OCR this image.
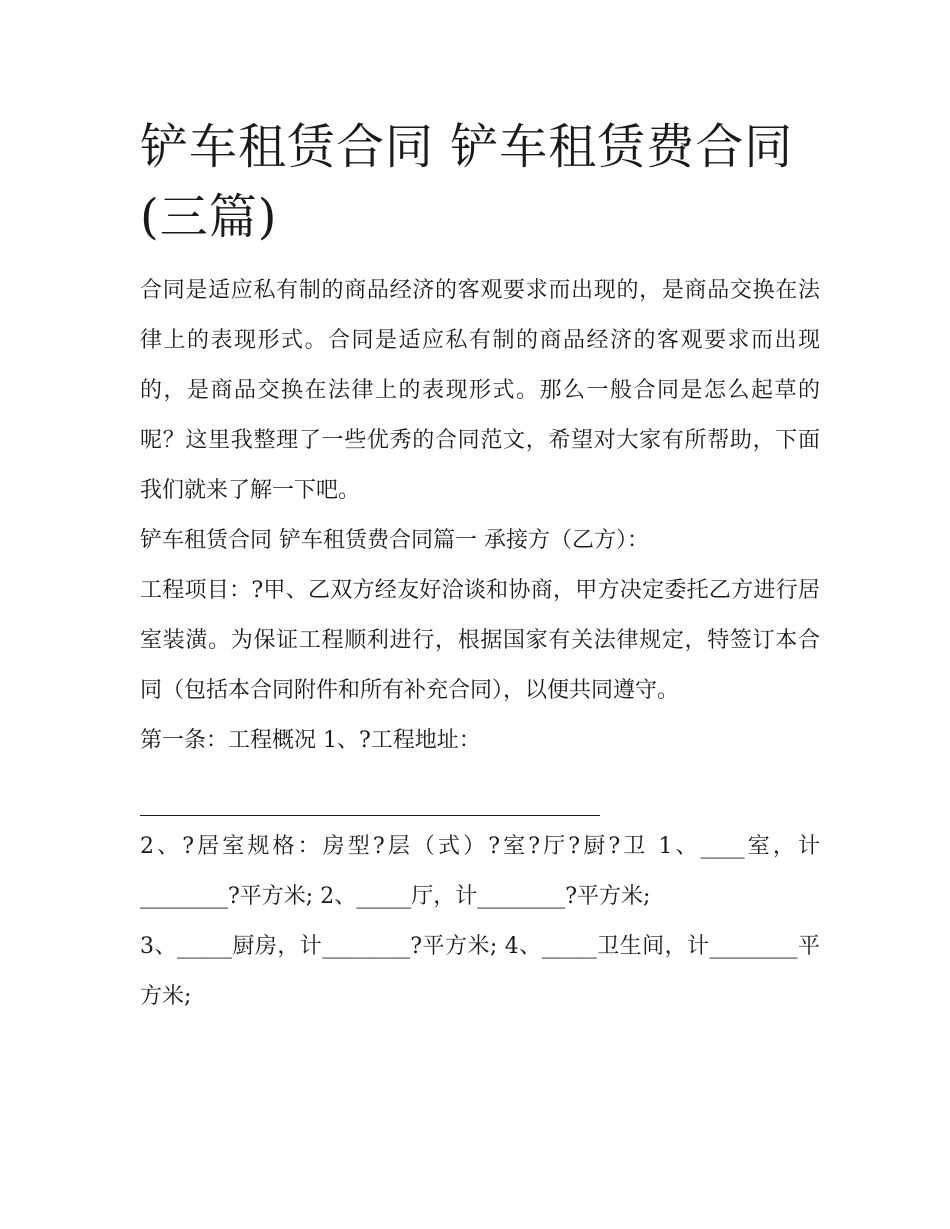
铲车租赁合同 铲车租赁费合同(三篇)

合同是适应私有制的商品经济的客观要求而出现的，是商品交换在法律上的表现形式。合同是适应私有制的商品经济的客观要求而出现的，是商品交换在法律上的表现形式。那么一般合同是怎么起草的呢？这里我整理了一些优秀的合同范文，希望对大家有所帮助，下面我们就来了解一下吧。

铲车租赁合同 铲车租赁费合同篇一 承接方（乙方）：

工程项目：?甲、乙双方经友好洽谈和协商，甲方决定委托乙方进行居室装潢。为保证工程顺利进行，根据国家有关法律规定，特签订本合同（包括本合同附件和所有补充合同），以便共同遵守。

第一条：工程概况 1、?工程地址：

2、?居室规格：房型?层（式）?室?厅?厨?卫 1、____室，计________?平方米; 2、_____厅，计________?平方米;

3、_____厨房，计________?平方米; 4、_____卫生间，计________平方米;
